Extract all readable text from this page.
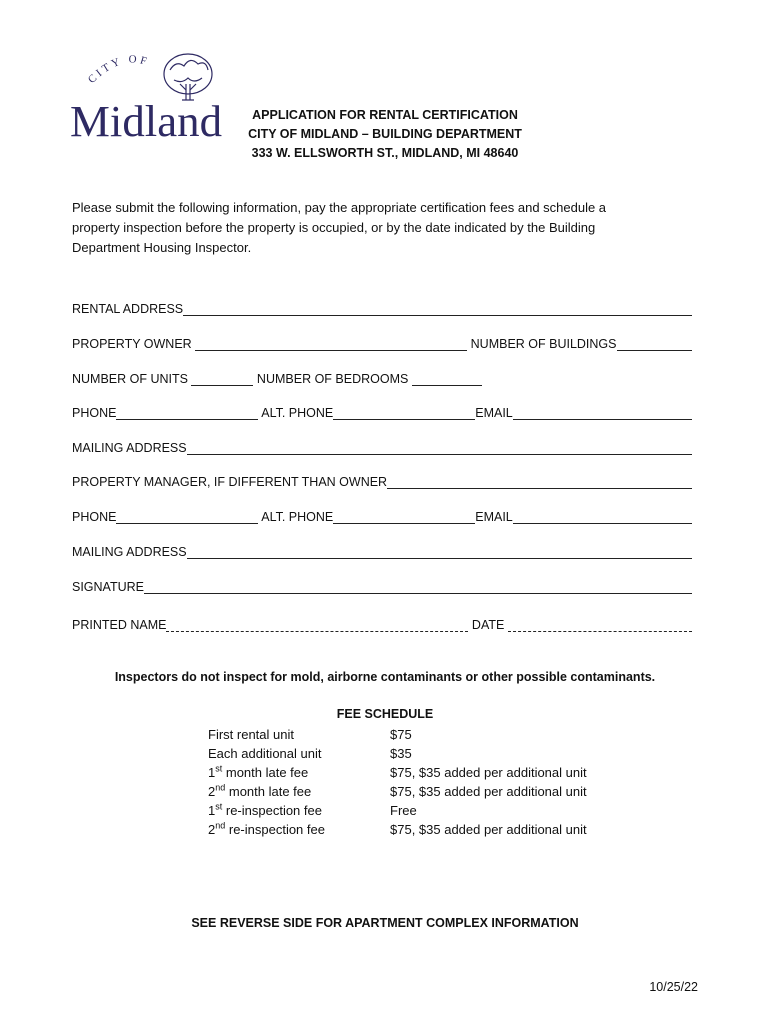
CITY OF
Midland	APPLICATION FOR RENTAL CERTIFICATION
CITY OF MIDLAND – BUILDING DEPARTMENT
333 W. ELLSWORTH ST., MIDLAND, MI 48640
Please submit the following information, pay the appropriate certification fees and schedule a
property inspection before the property is occupied, or by the date indicated by the Building
Department Housing Inspector.
RENTAL ADDRESS
PROPERTY OWNER	NUMBER OF BUILDINGS
NUMBER OF UNITS	NUMBER OF BEDROOMS
PHONE	ALT. PHONE	EMAIL
MAILING ADDRESS
PROPERTY MANAGER, IF DIFFERENT THAN OWNER
PHONE	ALT. PHONE	EMAIL
MAILING ADDRESS
SIGNATURE
PRINTED NAME	DATE
Inspectors do not inspect for mold, airborne contaminants or other possible contaminants.
FEE SCHEDULE
First rental unit	$75
Each additional unit	$35
1st month late fee	$75, $35 added per additional unit
2nd month late fee	$75, $35 added per additional unit
1st re-inspection fee	Free
2nd re-inspection fee	$75, $35 added per additional unit
SEE REVERSE SIDE FOR APARTMENT COMPLEX INFORMATION
10/25/22
